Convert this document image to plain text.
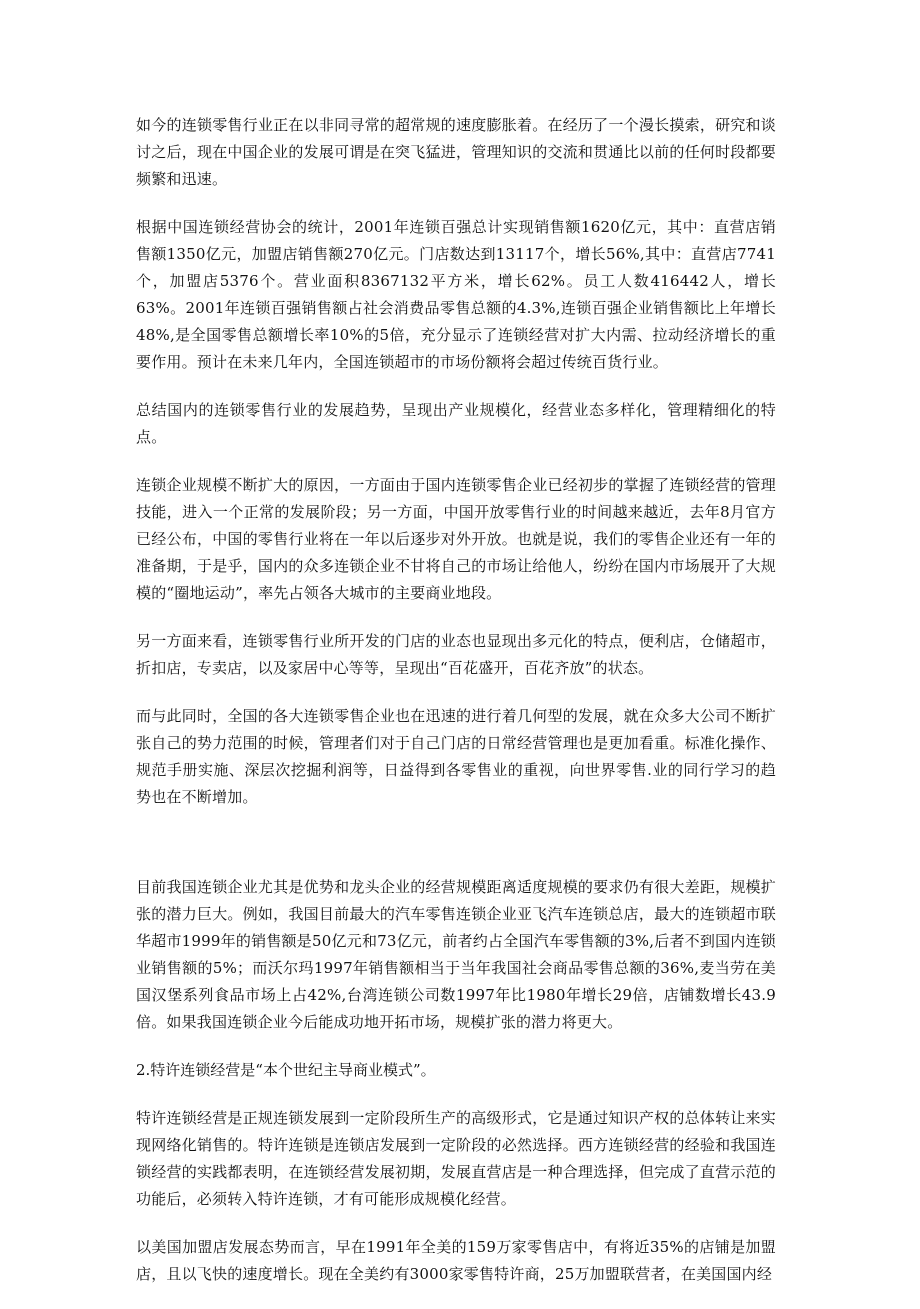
如今的连锁零售行业正在以非同寻常的超常规的速度膨胀着。在经历了一个漫长摸索，研究和谈讨之后，现在中国企业的发展可谓是在突飞猛进，管理知识的交流和贯通比以前的任何时段都要频繁和迅速。

根据中国连锁经营协会的统计，2001年连锁百强总计实现销售额1620亿元，其中：直营店销售额1350亿元，加盟店销售额270亿元。门店数达到13117个，增长56%,其中：直营店7741个，加盟店5376个。营业面积8367132平方米，增长62%。员工人数416442人，增长63%。2001年连锁百强销售额占社会消费品零售总额的4.3%,连锁百强企业销售额比上年增长48%,是全国零售总额增长率10%的5倍，充分显示了连锁经营对扩大内需、拉动经济增长的重要作用。预计在未来几年内，全国连锁超市的市场份额将会超过传统百货行业。

总结国内的连锁零售行业的发展趋势，呈现出产业规模化，经营业态多样化，管理精细化的特点。

连锁企业规模不断扩大的原因，一方面由于国内连锁零售企业已经初步的掌握了连锁经营的管理技能，进入一个正常的发展阶段；另一方面，中国开放零售行业的时间越来越近，去年8月官方已经公布，中国的零售行业将在一年以后逐步对外开放。也就是说，我们的零售企业还有一年的准备期，于是乎，国内的众多连锁企业不甘将自己的市场让给他人，纷纷在国内市场展开了大规模的“圈地运动”，率先占领各大城市的主要商业地段。

另一方面来看，连锁零售行业所开发的门店的业态也显现出多元化的特点，便利店，仓储超市，折扣店，专卖店，以及家居中心等等，呈现出“百花盛开，百花齐放”的状态。

而与此同时，全国的各大连锁零售企业也在迅速的进行着几何型的发展，就在众多大公司不断扩张自己的势力范围的时候，管理者们对于自己门店的日常经营管理也是更加看重。标准化操作、规范手册实施、深层次挖掘利润等，日益得到各零售业的重视，向世界零售.业的同行学习的趋势也在不断增加。

目前我国连锁企业尤其是优势和龙头企业的经营规模距离适度规模的要求仍有很大差距，规模扩张的潜力巨大。例如，我国目前最大的汽车零售连锁企业亚飞汽车连锁总店，最大的连锁超市联华超市1999年的销售额是50亿元和73亿元，前者约占全国汽车零售额的3%,后者不到国内连锁业销售额的5%；而沃尔玛1997年销售额相当于当年我国社会商品零售总额的36%,麦当劳在美国汉堡系列食品市场上占42%,台湾连锁公司数1997年比1980年增长29倍，店铺数增长43.9倍。如果我国连锁企业今后能成功地开拓市场，规模扩张的潜力将更大。

2.特许连锁经营是“本个世纪主导商业模式”。

特许连锁经营是正规连锁发展到一定阶段所生产的高级形式，它是通过知识产权的总体转让来实现网络化销售的。特许连锁是连锁店发展到一定阶段的必然选择。西方连锁经营的经验和我国连锁经营的实践都表明，在连锁经营发展初期，发展直营店是一种合理选择，但完成了直营示范的功能后，必须转入特许连锁，才有可能形成规模化经营。

以美国加盟店发展态势而言，早在1991年全美的159万家零售店中，有将近35%的店铺是加盟店，且以飞快的速度增长。现在全美约有3000家零售特许商，25万加盟联营者，在美国国内经
